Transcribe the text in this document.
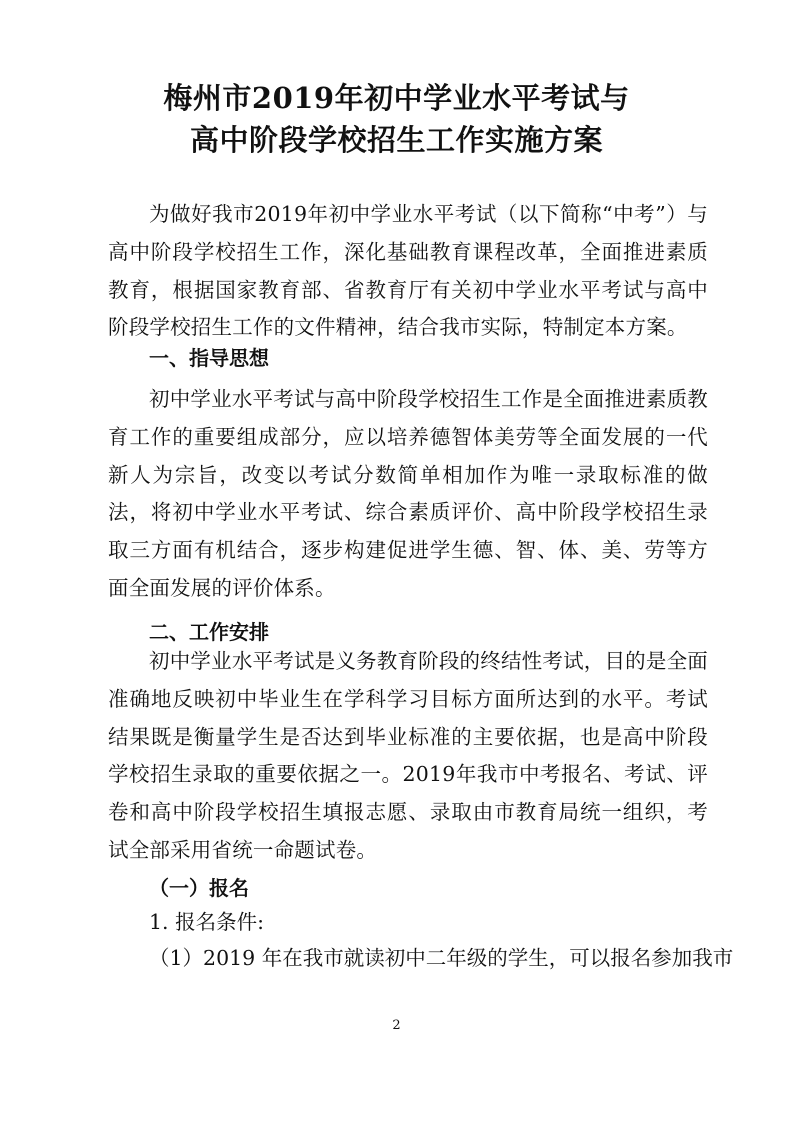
梅州市2019年初中学业水平考试与
高中阶段学校招生工作实施方案
为做好我市2019年初中学业水平考试（以下简称“中考”）与高中阶段学校招生工作，深化基础教育课程改革，全面推进素质教育，根据国家教育部、省教育厅有关初中学业水平考试与高中阶段学校招生工作的文件精神，结合我市实际，特制定本方案。
一、指导思想
初中学业水平考试与高中阶段学校招生工作是全面推进素质教育工作的重要组成部分，应以培养德智体美劳等全面发展的一代新人为宗旨，改变以考试分数简单相加作为唯一录取标准的做法，将初中学业水平考试、综合素质评价、高中阶段学校招生录取三方面有机结合，逐步构建促进学生德、智、体、美、劳等方面全面发展的评价体系。
二、工作安排
初中学业水平考试是义务教育阶段的终结性考试，目的是全面准确地反映初中毕业生在学科学习目标方面所达到的水平。考试结果既是衡量学生是否达到毕业标准的主要依据，也是高中阶段学校招生录取的重要依据之一。2019年我市中考报名、考试、评卷和高中阶段学校招生填报志愿、录取由市教育局统一组织，考试全部采用省统一命题试卷。
（一）报名
1. 报名条件:
（1）2019 年在我市就读初中二年级的学生，可以报名参加我市
2
